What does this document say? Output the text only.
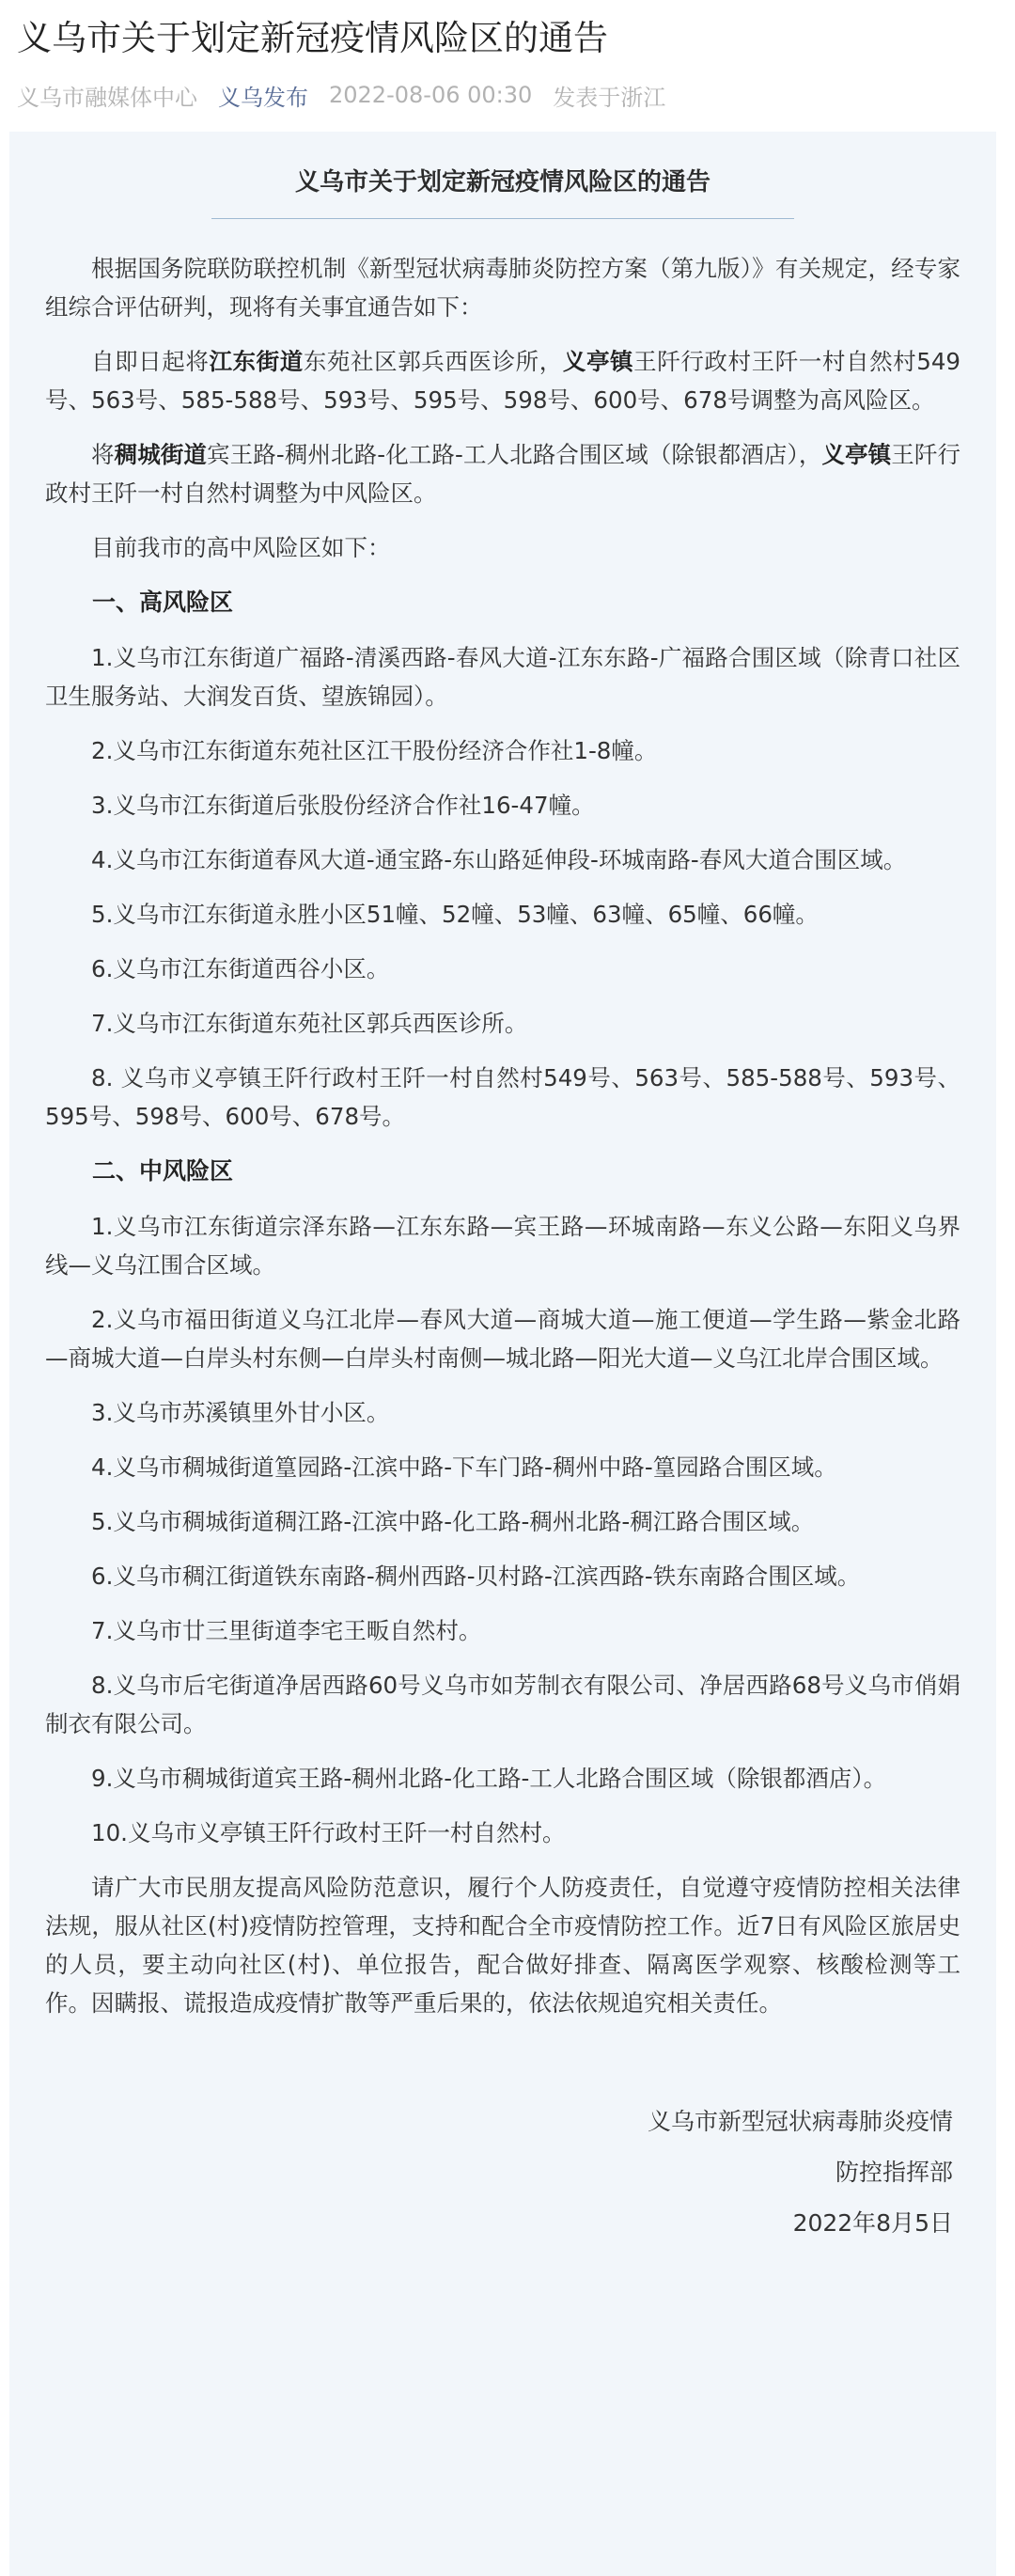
义乌市关于划定新冠疫情风险区的通告
义乌市融媒体中心 义乌发布 2022-08-06 00:30 发表于浙江
义乌市关于划定新冠疫情风险区的通告

根据国务院联防联控机制《新型冠状病毒肺炎防控方案（第九版）》有关规定，经专家组综合评估研判，现将有关事宜通告如下：

自即日起将江东街道东苑社区郭兵西医诊所，义亭镇王阡行政村王阡一村自然村549号、563号、585-588号、593号、595号、598号、600号、678号调整为高风险区。

将稠城街道宾王路-稠州北路-化工路-工人北路合围区域（除银都酒店），义亭镇王阡行政村王阡一村自然村调整为中风险区。

目前我市的高中风险区如下：

一、高风险区

1.义乌市江东街道广福路-清溪西路-春风大道-江东东路-广福路合围区域（除青口社区卫生服务站、大润发百货、望族锦园）。

2.义乌市江东街道东苑社区江干股份经济合作社1-8幢。

3.义乌市江东街道后张股份经济合作社16-47幢。

4.义乌市江东街道春风大道-通宝路-东山路延伸段-环城南路-春风大道合围区域。

5.义乌市江东街道永胜小区51幢、52幢、53幢、63幢、65幢、66幢。

6.义乌市江东街道西谷小区。

7.义乌市江东街道东苑社区郭兵西医诊所。

8. 义乌市义亭镇王阡行政村王阡一村自然村549号、563号、585-588号、593号、595号、598号、600号、678号。

二、中风险区

1.义乌市江东街道宗泽东路—江东东路—宾王路—环城南路—东义公路—东阳义乌界线—义乌江围合区域。

2.义乌市福田街道义乌江北岸—春风大道—商城大道—施工便道—学生路—紫金北路—商城大道—白岸头村东侧—白岸头村南侧—城北路—阳光大道—义乌江北岸合围区域。

3.义乌市苏溪镇里外甘小区。

4.义乌市稠城街道篁园路-江滨中路-下车门路-稠州中路-篁园路合围区域。

5.义乌市稠城街道稠江路-江滨中路-化工路-稠州北路-稠江路合围区域。

6.义乌市稠江街道铁东南路-稠州西路-贝村路-江滨西路-铁东南路合围区域。

7.义乌市廿三里街道李宅王畈自然村。

8.义乌市后宅街道净居西路60号义乌市如芳制衣有限公司、净居西路68号义乌市俏娟制衣有限公司。

9.义乌市稠城街道宾王路-稠州北路-化工路-工人北路合围区域（除银都酒店）。

10.义乌市义亭镇王阡行政村王阡一村自然村。

请广大市民朋友提高风险防范意识，履行个人防疫责任，自觉遵守疫情防控相关法律法规，服从社区(村)疫情防控管理，支持和配合全市疫情防控工作。近7日有风险区旅居史的人员，要主动向社区(村)、单位报告，配合做好排查、隔离医学观察、核酸检测等工作。因瞒报、谎报造成疫情扩散等严重后果的，依法依规追究相关责任。

义乌市新型冠状病毒肺炎疫情
防控指挥部
2022年8月5日
